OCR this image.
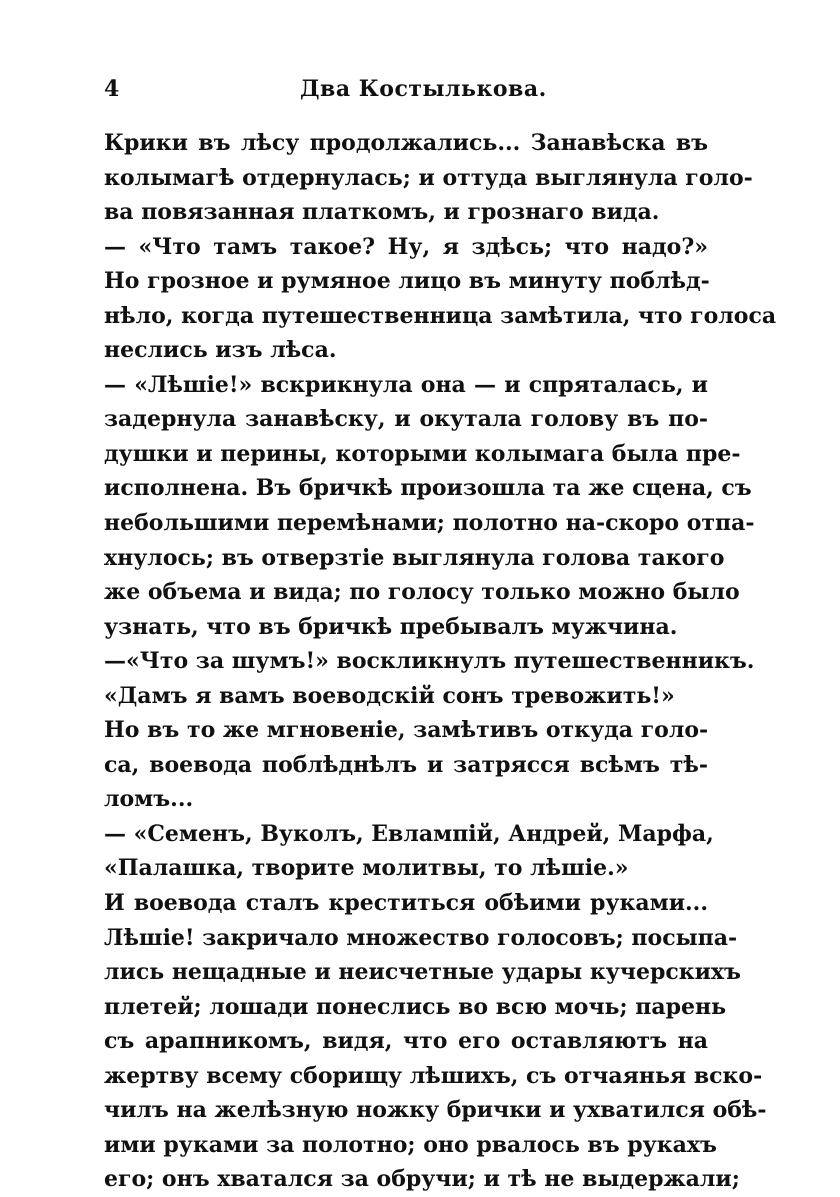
4	Два Костылькова.
Крики въ лѣсу продолжались... Занавѣска въ
колымагѣ отдернулась; и оттуда выглянула голо-
ва повязанная платкомъ, и грознаго вида.
— «Что тамъ такое? Ну, я здѣсь; что надо?»
Но грозное и румяное лицо въ минуту поблѣд-
нѣло, когда путешественница замѣтила, что голоса
неслись изъ лѣса.
— «Лѣшіе!» вскрикнула она — и спряталась, и
задернула занавѣску, и окутала голову въ по-
душки и перины, которыми колымага была пре-
исполнена. Въ бричкѣ произошла та же сцена, съ
небольшими перемѣнами; полотно на-скоро отпа-
хнулось; въ отверзтіе выглянула голова такого
же объема и вида; по голосу только можно было
узнать, что въ бричкѣ пребывалъ мужчина.
—«Что за шумъ!» воскликнулъ путешественникъ.
«Дамъ я вамъ воеводскій сонъ тревожить!»
Но въ то же мгновеніе, замѣтивъ откуда голо-
са, воевода поблѣднѣлъ и затрясся всѣмъ тѣ-
ломъ...
— «Семенъ, Вуколъ, Евлампій, Андрей, Марфа,
«Палашка, творите молитвы, то лѣшіе.»
И воевода сталъ креститься обѣими руками...
Лѣшіе! закричало множество голосовъ; посыпа-
лись нещадные и неисчетные удары кучерскихъ
плетей; лошади понеслись во всю мочь; парень
съ арапникомъ, видя, что его оставляютъ на
жертву всему сборищу лѣшихъ, съ отчаянья вско-
чилъ на желѣзную ножку брички и ухватился обѣ-
ими руками за полотно; оно рвалось въ рукахъ
его; онъ хватался за обручи; и тѣ не выдержали;
